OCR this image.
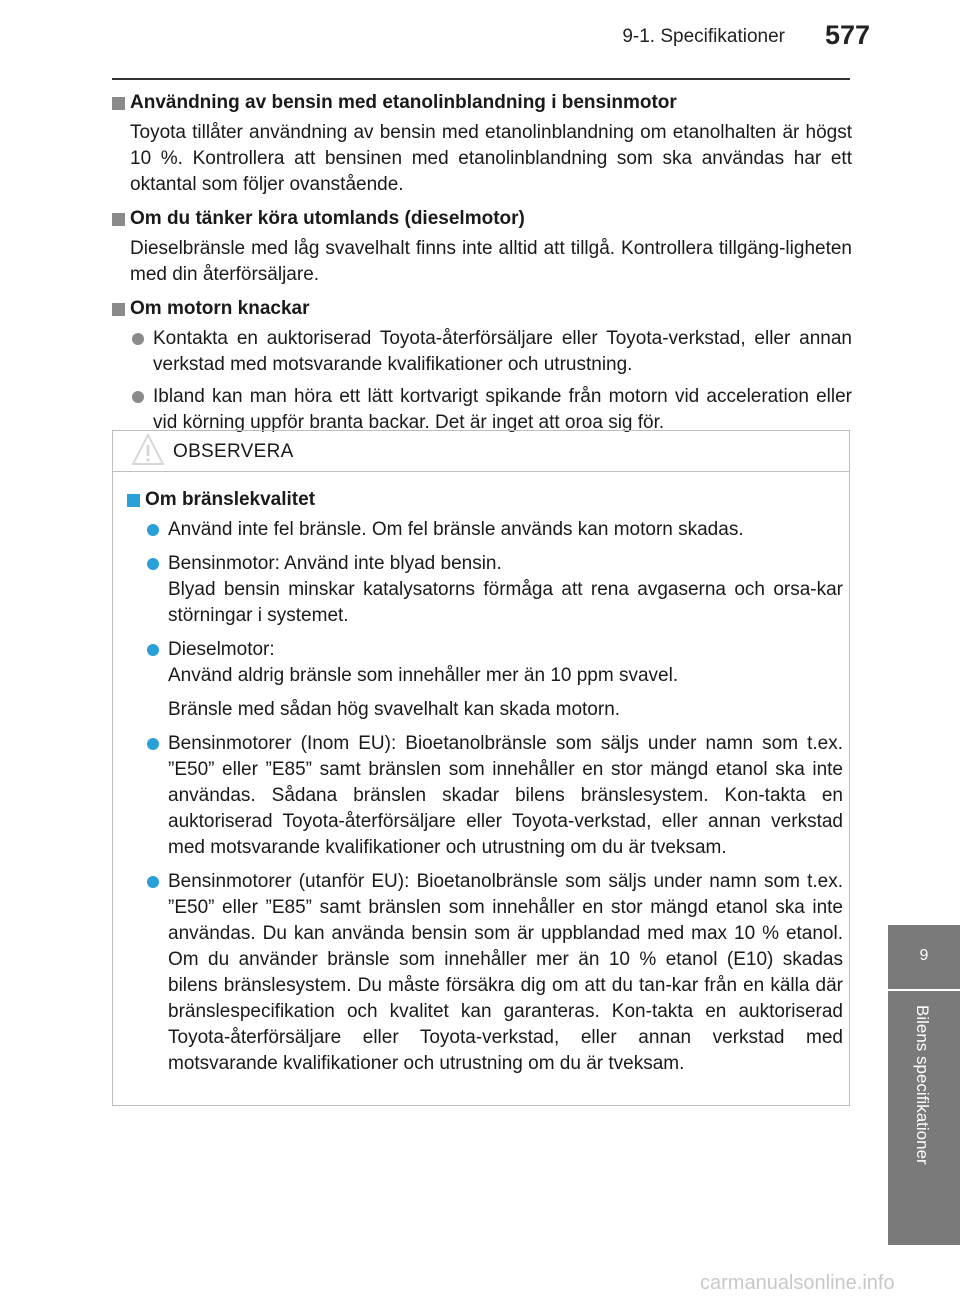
9-1. Specifikationer 577
9
Bilens specifikationer
Användning av bensin med etanolinblandning i bensinmotor
Toyota tillåter användning av bensin med etanolinblandning om etanolhalten är högst 10 %. Kontrollera att bensinen med etanolinblandning som ska användas har ett oktantal som följer ovanstående.
Om du tänker köra utomlands (dieselmotor)
Dieselbränsle med låg svavelhalt finns inte alltid att tillgå. Kontrollera tillgäng-ligheten med din återförsäljare.
Om motorn knackar
Kontakta en auktoriserad Toyota-återförsäljare eller Toyota-verkstad, eller annan verkstad med motsvarande kvalifikationer och utrustning.
Ibland kan man höra ett lätt kortvarigt spikande från motorn vid acceleration eller vid körning uppför branta backar. Det är inget att oroa sig för.
OBSERVERA
Om bränslekvalitet
Använd inte fel bränsle. Om fel bränsle används kan motorn skadas.
Bensinmotor: Använd inte blyad bensin.
Blyad bensin minskar katalysatorns förmåga att rena avgaserna och orsa-kar störningar i systemet.
Dieselmotor:
Använd aldrig bränsle som innehåller mer än 10 ppm svavel.
Bränsle med sådan hög svavelhalt kan skada motorn.
Bensinmotorer (Inom EU): Bioetanolbränsle som säljs under namn som t.ex. ”E50” eller ”E85” samt bränslen som innehåller en stor mängd etanol ska inte användas. Sådana bränslen skadar bilens bränslesystem. Kon-takta en auktoriserad Toyota-återförsäljare eller Toyota-verkstad, eller annan verkstad med motsvarande kvalifikationer och utrustning om du är tveksam.
Bensinmotorer (utanför EU): Bioetanolbränsle som säljs under namn som t.ex. ”E50” eller ”E85” samt bränslen som innehåller en stor mängd etanol ska inte användas. Du kan använda bensin som är uppblandad med max 10 % etanol. Om du använder bränsle som innehåller mer än 10 % etanol (E10) skadas bilens bränslesystem. Du måste försäkra dig om att du tan-kar från en källa där bränslespecifikation och kvalitet kan garanteras. Kon-takta en auktoriserad Toyota-återförsäljare eller Toyota-verkstad, eller annan verkstad med motsvarande kvalifikationer och utrustning om du är tveksam.
carmanualsonline.info
